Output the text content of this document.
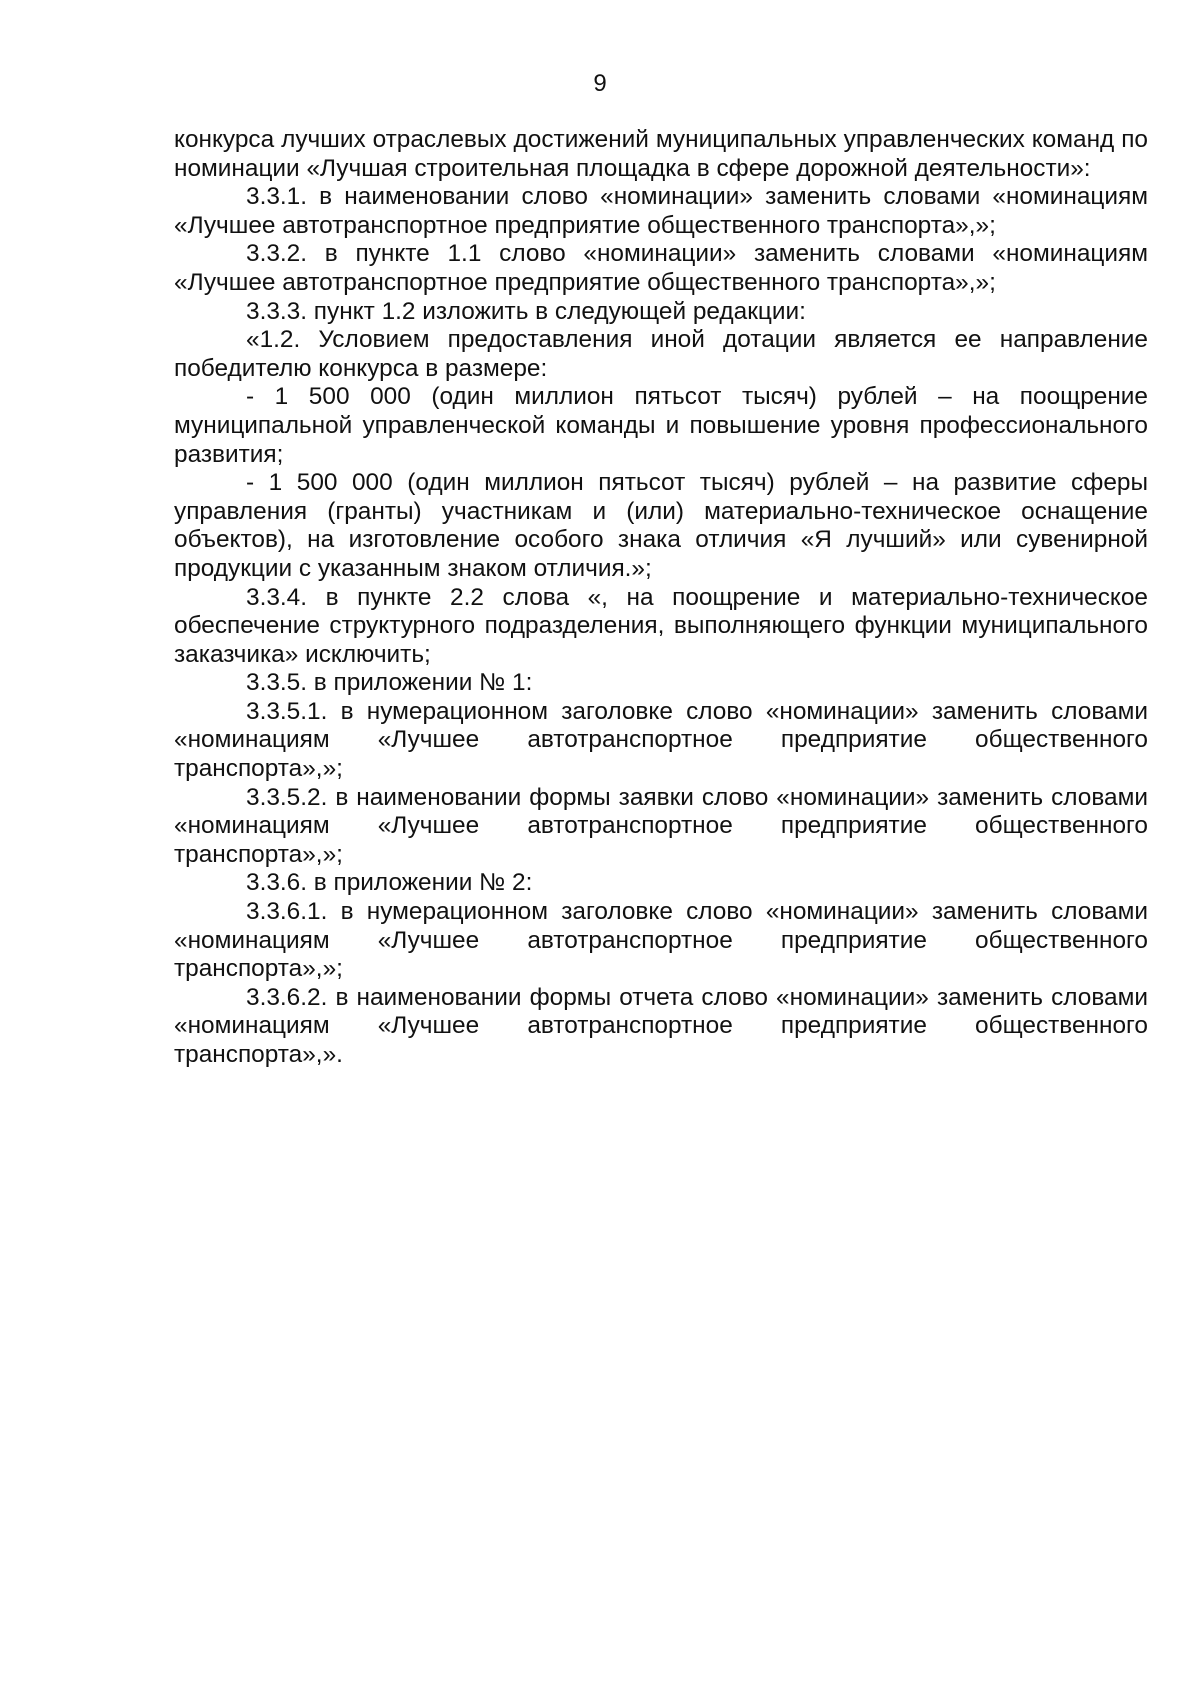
9

конкурса лучших отраслевых достижений муниципальных управленческих команд по номинации «Лучшая строительная площадка в сфере дорожной деятельности»:

3.3.1. в наименовании слово «номинации» заменить словами «номинациям «Лучшее автотранспортное предприятие общественного транспорта»,»;

3.3.2. в пункте 1.1 слово «номинации» заменить словами «номинациям «Лучшее автотранспортное предприятие общественного транспорта»,»;

3.3.3. пункт 1.2 изложить в следующей редакции:

«1.2. Условием предоставления иной дотации является ее направление победителю конкурса в размере:

- 1 500 000 (один миллион пятьсот тысяч) рублей – на поощрение муниципальной управленческой команды и повышение уровня профессионального развития;

- 1 500 000 (один миллион пятьсот тысяч) рублей – на развитие сферы управления (гранты) участникам и (или) материально-техническое оснащение объектов), на изготовление особого знака отличия «Я лучший» или сувенирной продукции с указанным знаком отличия.»;

3.3.4. в пункте 2.2 слова «, на поощрение и материально-техническое обеспечение структурного подразделения, выполняющего функции муниципального заказчика» исключить;

3.3.5. в приложении № 1:

3.3.5.1. в нумерационном заголовке слово «номинации» заменить словами «номинациям «Лучшее автотранспортное предприятие общественного транспорта»,»;

3.3.5.2. в наименовании формы заявки слово «номинации» заменить словами «номинациям «Лучшее автотранспортное предприятие общественного транспорта»,»;

3.3.6. в приложении № 2:

3.3.6.1. в нумерационном заголовке слово «номинации» заменить словами «номинациям «Лучшее автотранспортное предприятие общественного транспорта»,»;

3.3.6.2. в наименовании формы отчета слово «номинации» заменить словами «номинациям «Лучшее автотранспортное предприятие общественного транспорта»,».
